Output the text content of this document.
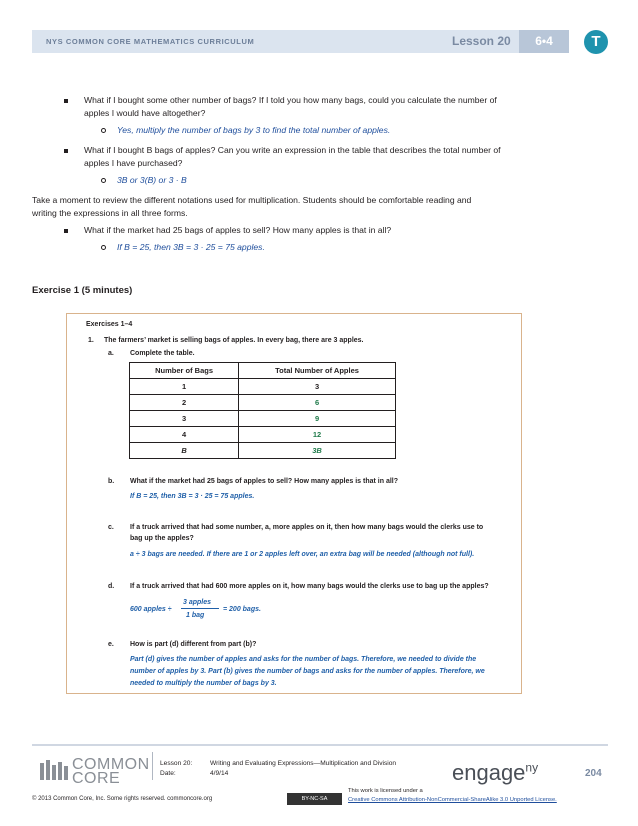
NYS COMMON CORE MATHEMATICS CURRICULUM	Lesson 20	6•4	T
What if I bought some other number of bags? If I told you how many bags, could you calculate the number of
apples I would have altogether?
Yes, multiply the number of bags by 3 to find the total number of apples.
What if I bought B bags of apples? Can you write an expression in the table that describes the total number of
apples I have purchased?
3B or 3(B) or 3 · B
Take a moment to review the different notations used for multiplication. Students should be comfortable reading and
writing the expressions in all three forms.
What if the market had 25 bags of apples to sell? How many apples is that in all?
If B = 25, then 3B = 3 · 25 = 75 apples.
Exercise 1 (5 minutes)
Exercises 1–4
1. The farmers’ market is selling bags of apples. In every bag, there are 3 apples.
a. Complete the table.
Number of Bags	Total Number of Apples
1	3
2	6
3	9
4	12
B	3B
b. What if the market had 25 bags of apples to sell? How many apples is that in all?
If B = 25, then 3B = 3 · 25 = 75 apples.
c. If a truck arrived that had some number, a, more apples on it, then how many bags would the clerks use to
bag up the apples?
a ÷ 3 bags are needed. If there are 1 or 2 apples left over, an extra bag will be needed (although not full).
d. If a truck arrived that had 600 more apples on it, how many bags would the clerks use to bag up the apples?
600 apples ÷
3 apples
1 bag
= 200 bags.
e. How is part (d) different from part (b)?
Part (d) gives the number of apples and asks for the number of bags. Therefore, we needed to divide the
number of apples by 3. Part (b) gives the number of bags and asks for the number of apples. Therefore, we
needed to multiply the number of bags by 3.
COMMON
CORE
Lesson 20:
Date:
Writing and Evaluating Expressions—Multiplication and Division
4/9/14	engage$^{ny}$	204
© 2013 Common Core, Inc. Some rights reserved. commoncore.org	BY-NC-SA
This work is licensed under a
Creative Commons Attribution-NonCommercial-ShareAlike 3.0 Unported License.
